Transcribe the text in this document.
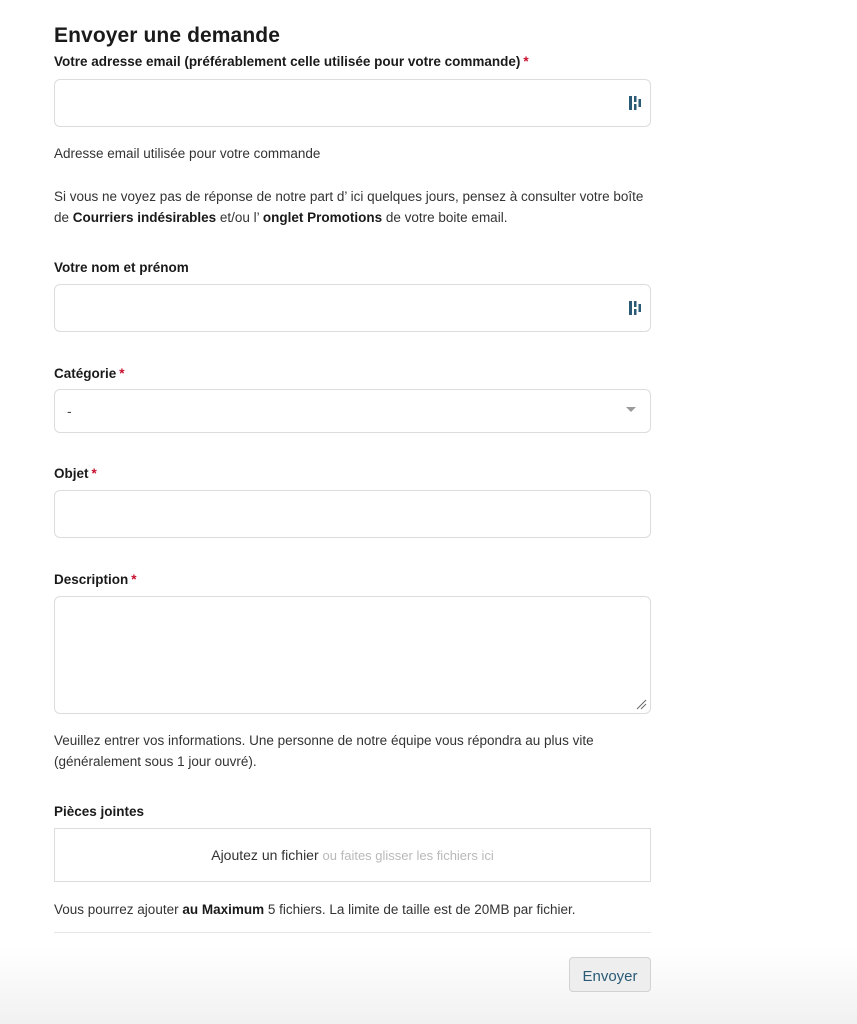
Envoyer une demande
Votre adresse email (préférablement celle utilisée pour votre commande) *
Adresse email utilisée pour votre commande
Si vous ne voyez pas de réponse de notre part d’ ici quelques jours, pensez à consulter votre boîte de Courriers indésirables et/ou l’ onglet Promotions de votre boite email.
Votre nom et prénom
Catégorie *
-
Objet *
Description *
Veuillez entrer vos informations. Une personne de notre équipe vous répondra au plus vite (généralement sous 1 jour ouvré).
Pièces jointes
Ajoutez un fichier ou faites glisser les fichiers ici
Vous pourrez ajouter au Maximum 5 fichiers. La limite de taille est de 20MB par fichier.
Envoyer
